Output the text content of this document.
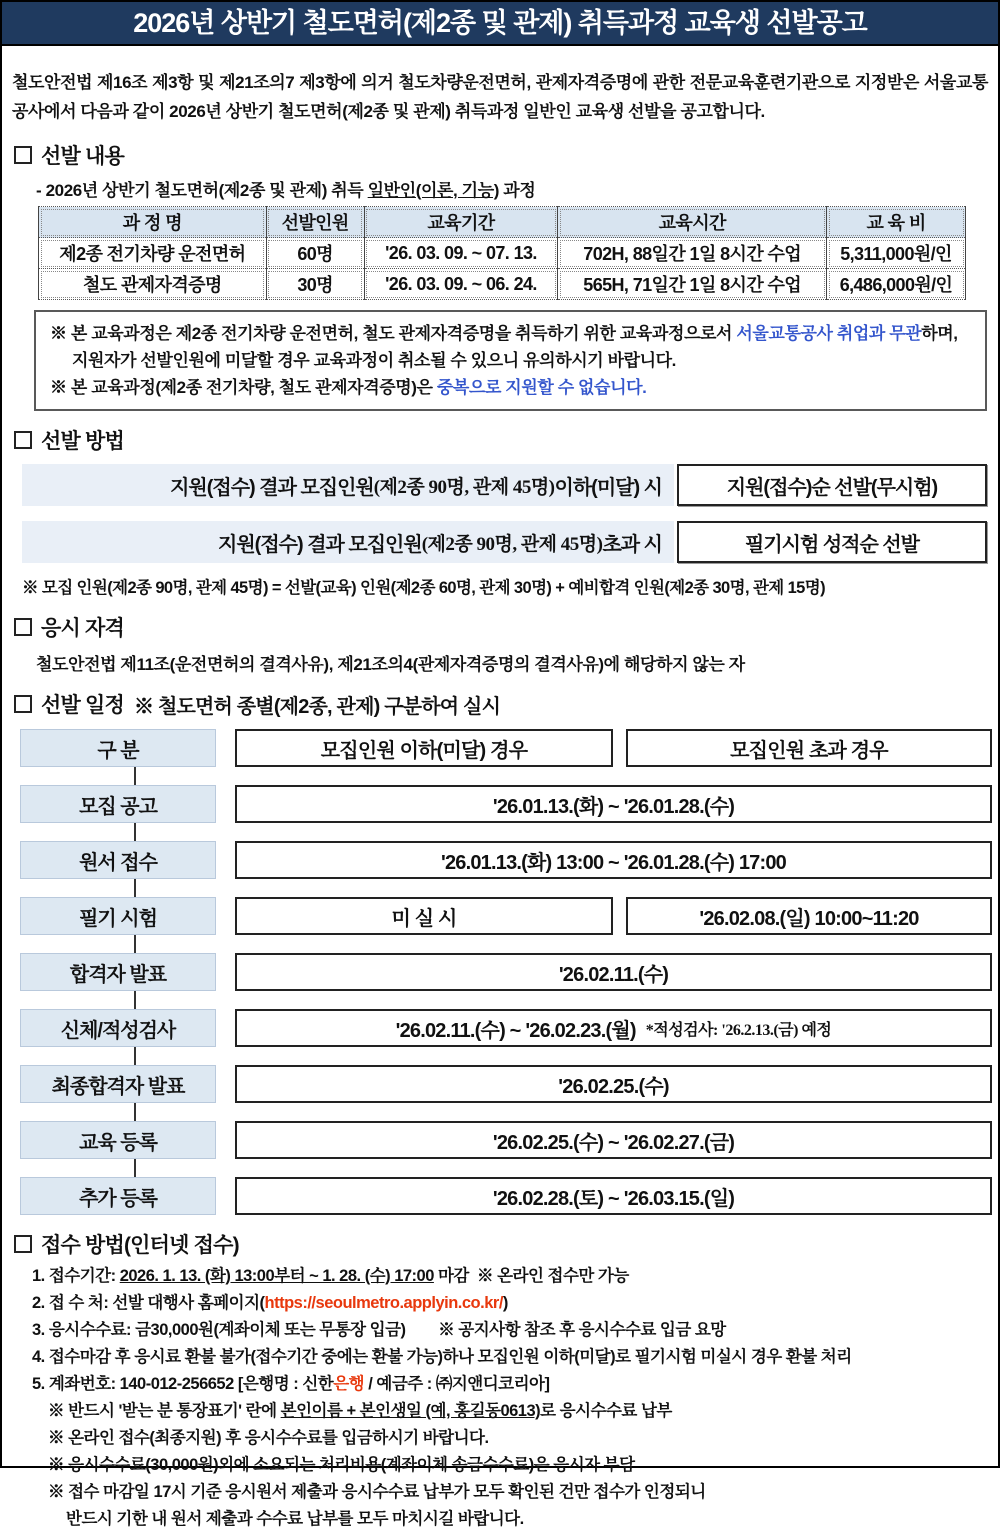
2026년 상반기 철도면허(제2종 및 관제) 취득과정 교육생 선발공고
철도안전법 제16조 제3항 및 제21조의7 제3항에 의거 철도차량운전면허, 관제자격증명에 관한 전문교육훈련기관으로 지정받은 서울교통공사에서 다음과 같이 2026년 상반기 철도면허(제2종 및 관제) 취득과정 일반인 교육생 선발을 공고합니다.
선발 내용
- 2026년 상반기 철도면허(제2종 및 관제) 취득 일반인(이론, 기능) 과정
과 정 명	선발인원	교육기간	교육시간	교 육 비
제2종 전기차량 운전면허	60명	'26. 03. 09. ~ 07. 13.	702H, 88일간 1일 8시간 수업	5,311,000원/인
철도 관제자격증명	30명	'26. 03. 09. ~ 06. 24.	565H, 71일간 1일 8시간 수업	6,486,000원/인
※ 본 교육과정은 제2종 전기차량 운전면허, 철도 관제자격증명을 취득하기 위한 교육과정으로서 서울교통공사 취업과 무관하며, 지원자가 선발인원에 미달할 경우 교육과정이 취소될 수 있으니 유의하시기 바랍니다.
※ 본 교육과정(제2종 전기차량, 철도 관제자격증명)은 중복으로 지원할 수 없습니다.
선발 방법
지원(접수) 결과 모집인원 (제2종 90명, 관제 45명) 이하(미달) 시	지원(접수)순 선발(무시험)
지원(접수) 결과 모집인원 (제2종 90명, 관제 45명) 초과 시	필기시험 성적순 선발
※ 모집 인원(제2종 90명, 관제 45명) = 선발(교육) 인원(제2종 60명, 관제 30명) + 예비합격 인원(제2종 30명, 관제 15명)
응시 자격
철도안전법 제11조(운전면허의 결격사유), 제21조의4(관제자격증명의 결격사유)에 해당하지 않는 자
선발 일정 ※ 철도면허 종별(제2종, 관제) 구분하여 실시
구 분	모집인원 이하(미달) 경우	모집인원 초과 경우
모집 공고	'26.01.13.(화) ~ '26.01.28.(수)
원서 접수	'26.01.13.(화) 13:00 ~ '26.01.28.(수) 17:00
필기 시험	미 실 시	'26.02.08.(일) 10:00~11:20
합격자 발표	'26.02.11.(수)
신체/적성검사	'26.02.11.(수) ~ '26.02.23.(월) *적성검사: '26.2.13.(금) 예정
최종합격자 발표	'26.02.25.(수)
교육 등록	'26.02.25.(수) ~ '26.02.27.(금)
추가 등록	'26.02.28.(토) ~ '26.03.15.(일)
접수 방법(인터넷 접수)
1. 접수기간: 2026. 1. 13. (화) 13:00부터 ~ 1. 28. (수) 17:00 마감  ※ 온라인 접수만 가능
2. 접 수 처: 선발 대행사 홈페이지(https://seoulmetro.applyin.co.kr/)
3. 응시수수료: 금30,000원(계좌이체 또는 무통장 입금)        ※ 공지사항 참조 후 응시수수료 입금 요망
4. 접수마감 후 응시료 환불 불가(접수기간 중에는 환불 가능)하나 모집인원 이하(미달)로 필기시험 미실시 경우 환불 처리
5. 계좌번호: 140-012-256652 [은행명 : 신한은행 / 예금주 : ㈜지앤디코리아]
※ 반드시 '받는 분 통장표기' 란에 본인이름 + 본인생일 (예, 홍길동0613)로 응시수수료 납부
※ 온라인 접수(최종지원) 후 응시수수료를 입금하시기 바랍니다.
※ 응시수수료(30,000원)외에 소요되는 처리비용(계좌이체 송금수수료)은 응시자 부담
※ 접수 마감일 17시 기준 응시원서 제출과 응시수수료 납부가 모두 확인된 건만 접수가 인정되니
반드시 기한 내 원서 제출과 수수료 납부를 모두 마치시길 바랍니다.
